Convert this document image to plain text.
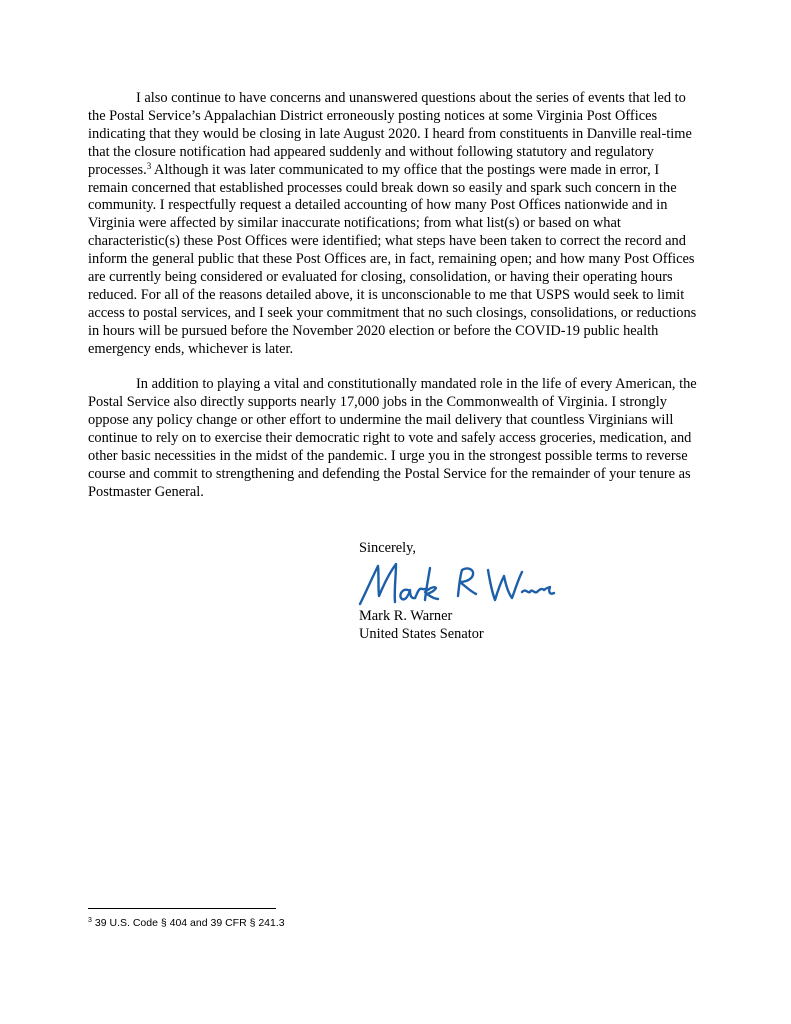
I also continue to have concerns and unanswered questions about the series of events that led to the Postal Service’s Appalachian District erroneously posting notices at some Virginia Post Offices indicating that they would be closing in late August 2020. I heard from constituents in Danville real-time that the closure notification had appeared suddenly and without following statutory and regulatory processes.$^3$ Although it was later communicated to my office that the postings were made in error, I remain concerned that established processes could break down so easily and spark such concern in the community. I respectfully request a detailed accounting of how many Post Offices nationwide and in Virginia were affected by similar inaccurate notifications; from what list(s) or based on what characteristic(s) these Post Offices were identified; what steps have been taken to correct the record and inform the general public that these Post Offices are, in fact, remaining open; and how many Post Offices are currently being considered or evaluated for closing, consolidation, or having their operating hours reduced. For all of the reasons detailed above, it is unconscionable to me that USPS would seek to limit access to postal services, and I seek your commitment that no such closings, consolidations, or reductions in hours will be pursued before the November 2020 election or before the COVID-19 public health emergency ends, whichever is later.

In addition to playing a vital and constitutionally mandated role in the life of every American, the Postal Service also directly supports nearly 17,000 jobs in the Commonwealth of Virginia. I strongly oppose any policy change or other effort to undermine the mail delivery that countless Virginians will continue to rely on to exercise their democratic right to vote and safely access groceries, medication, and other basic necessities in the midst of the pandemic. I urge you in the strongest possible terms to reverse course and commit to strengthening and defending the Postal Service for the remainder of your tenure as Postmaster General.

Sincerely,
Mark R. Warner
United States Senator
$^3$ 39 U.S. Code § 404 and 39 CFR § 241.3
